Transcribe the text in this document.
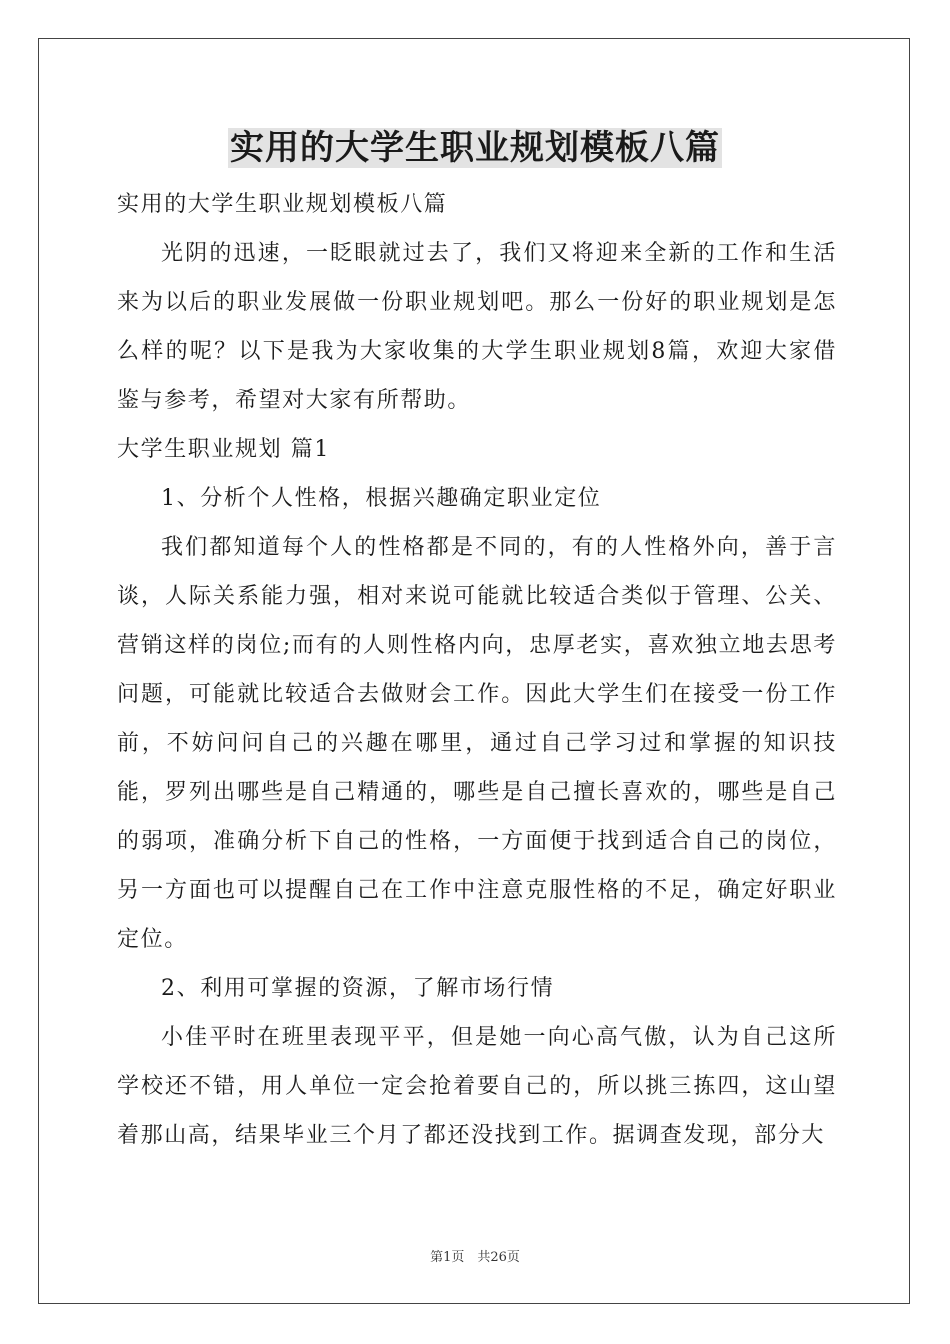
实用的大学生职业规划模板八篇

实用的大学生职业规划模板八篇

光阴的迅速，一眨眼就过去了，我们又将迎来全新的工作和生活来为以后的职业发展做一份职业规划吧。那么一份好的职业规划是怎么样的呢？以下是我为大家收集的大学生职业规划8篇，欢迎大家借鉴与参考，希望对大家有所帮助。

大学生职业规划 篇1

1、分析个人性格，根据兴趣确定职业定位

我们都知道每个人的性格都是不同的，有的人性格外向，善于言谈，人际关系能力强，相对来说可能就比较适合类似于管理、公关、营销这样的岗位;而有的人则性格内向，忠厚老实，喜欢独立地去思考问题，可能就比较适合去做财会工作。因此大学生们在接受一份工作前，不妨问问自己的兴趣在哪里，通过自己学习过和掌握的知识技能，罗列出哪些是自己精通的，哪些是自己擅长喜欢的，哪些是自己的弱项，准确分析下自己的性格，一方面便于找到适合自己的岗位，另一方面也可以提醒自己在工作中注意克服性格的不足，确定好职业定位。

2、利用可掌握的资源，了解市场行情

小佳平时在班里表现平平，但是她一向心高气傲，认为自己这所学校还不错，用人单位一定会抢着要自己的，所以挑三拣四，这山望着那山高，结果毕业三个月了都还没找到工作。据调查发现，部分大

第1页　共26页
